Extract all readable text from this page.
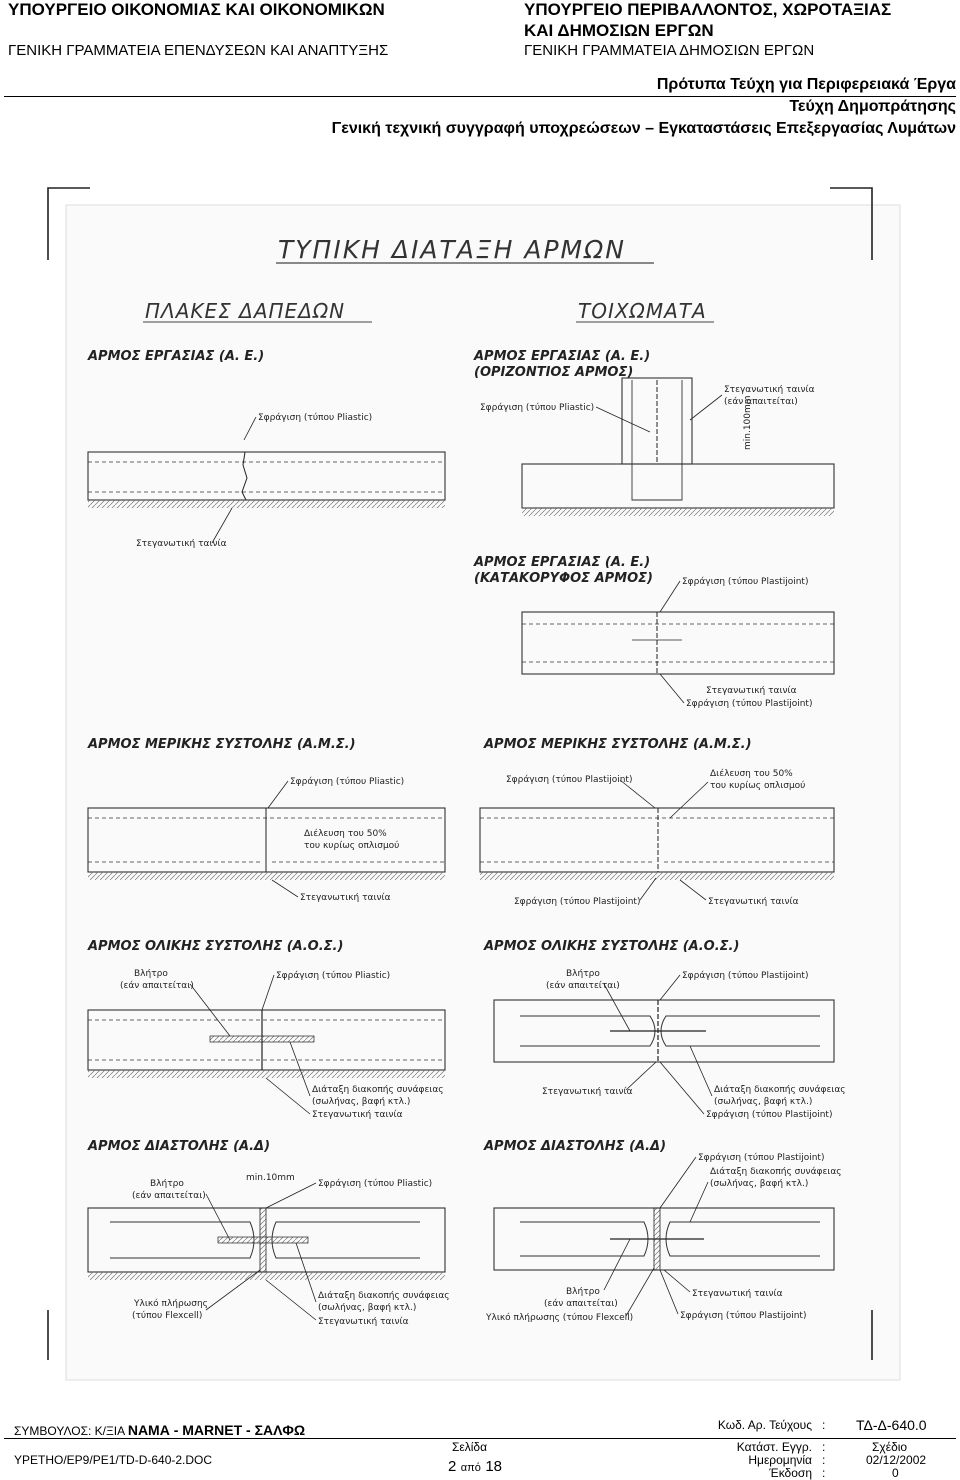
ΥΠΟΥΡΓΕΙΟ ΟΙΚΟΝΟΜΙΑΣ ΚΑΙ ΟΙΚΟΝΟΜΙΚΩΝ
ΓΕΝΙΚΗ ΓΡΑΜΜΑΤΕΙΑ ΕΠΕΝΔΥΣΕΩΝ ΚΑΙ ΑΝΑΠΤΥΞΗΣ
ΥΠΟΥΡΓΕΙΟ ΠΕΡΙΒΑΛΛΟΝΤΟΣ, ΧΩΡΟΤΑΞΙΑΣ
ΚΑΙ ΔΗΜΟΣΙΩΝ ΕΡΓΩΝ
ΓΕΝΙΚΗ ΓΡΑΜΜΑΤΕΙΑ ΔΗΜΟΣΙΩΝ ΕΡΓΩΝ
Πρότυπα Τεύχη για Περιφερειακά Έργα
Τεύχη Δημοπράτησης
Γενική τεχνική συγγραφή υποχρεώσεων – Εγκαταστάσεις Επεξεργασίας Λυμάτων
ΤΥΠΙΚΗ ΔΙΑΤΑΞΗ ΑΡΜΩΝ
ΠΛΑΚΕΣ ΔΑΠΕΔΩΝ	ΤΟΙΧΩΜΑΤΑ
ΑΡΜΟΣ ΕΡΓΑΣΙΑΣ (Α. Ε.)
Σφράγιση (τύπου Pliastic)
Στεγανωτική ταινία
ΑΡΜΟΣ ΕΡΓΑΣΙΑΣ (Α. Ε.)
(ΟΡΙΖΟΝΤΙΟΣ ΑΡΜΟΣ)
Στεγανωτική ταινία
(εάν απαιτείται)
Σφράγιση (τύπου Pliastic)	min.100mm
ΑΡΜΟΣ ΕΡΓΑΣΙΑΣ (Α. Ε.)
(ΚΑΤΑΚΟΡΥΦΟΣ ΑΡΜΟΣ)	Σφράγιση (τύπου Plastijoint)
Στεγανωτική ταινία
Σφράγιση (τύπου Plastijoint)
ΑΡΜΟΣ ΜΕΡΙΚΗΣ ΣΥΣΤΟΛΗΣ (Α.Μ.Σ.)
Σφράγιση (τύπου Pliastic)
Διέλευση του 50%
του κυρίως οπλισμού
Στεγανωτική ταινία
ΑΡΜΟΣ ΜΕΡΙΚΗΣ ΣΥΣΤΟΛΗΣ (Α.Μ.Σ.)
Σφράγιση (τύπου Plastijoint)
Διέλευση του 50%
του κυρίως οπλισμού
Σφράγιση (τύπου Plastijoint)	Στεγανωτική ταινία
ΑΡΜΟΣ ΟΛΙΚΗΣ ΣΥΣΤΟΛΗΣ (Α.Ο.Σ.)
Βλήτρο
(εάν απαιτείται)
Σφράγιση (τύπου Pliastic)
Διάταξη διακοπής συνάφειας
(σωλήνας, βαφή κτλ.)
Στεγανωτική ταινία
ΑΡΜΟΣ ΟΛΙΚΗΣ ΣΥΣΤΟΛΗΣ (Α.Ο.Σ.)
Βλήτρο
(εάν απαιτείται)
Σφράγιση (τύπου Plastijoint)
Στεγανωτική ταινία	Διάταξη διακοπής συνάφειας
(σωλήνας, βαφή κτλ.)
Σφράγιση (τύπου Plastijoint)
ΑΡΜΟΣ ΔΙΑΣΤΟΛΗΣ (Α.Δ)
Βλήτρο
(εάν απαιτείται)
min.10mm
Σφράγιση (τύπου Pliastic)
Υλικό πλήρωσης
(τύπου Flexcell)
Διάταξη διακοπής συνάφειας
(σωλήνας, βαφή κτλ.)
Στεγανωτική ταινία
ΑΡΜΟΣ ΔΙΑΣΤΟΛΗΣ (Α.Δ)
Σφράγιση (τύπου Plastijoint)
Διάταξη διακοπής συνάφειας
(σωλήνας, βαφή κτλ.)
Στεγανωτική ταινία
Βλήτρο
(εάν απαιτείται)
Υλικό πλήρωσης (τύπου Flexcell)	Σφράγιση (τύπου Plastijoint)
ΣΥΜΒΟΥΛΟΣ: Κ/ΞΙΑ ΝΑΜΑ - ΜΑRΝΕΤ - ΣΑΛΦΩ
ΥΡΕΤΗΟ/ΕΡ9/PE1/TD-D-640-2.DOC
Σελίδα
2 από 18
Κωδ. Αρ. Τεύχους : ΤΔ-Δ-640.0
Κατάστ. Εγγρ. :	Σχέδιο
Ημερομηνία :	02/12/2002
Έκδοση :	0
